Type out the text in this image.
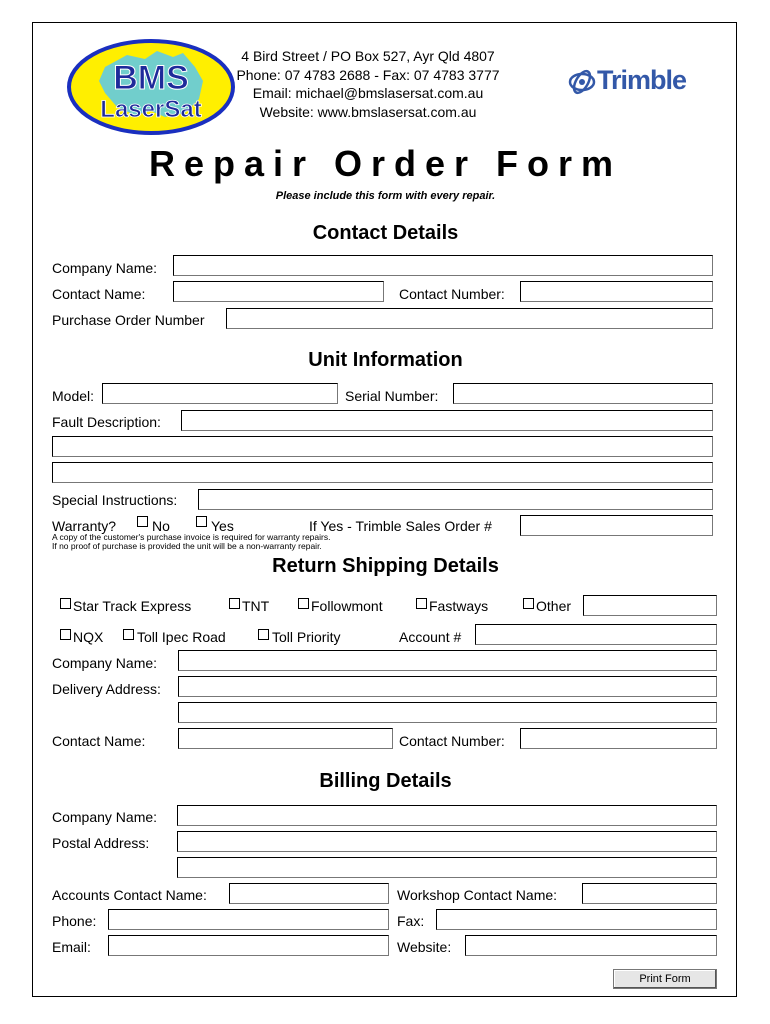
BMS
LaserSat
4 Bird Street / PO Box 527, Ayr Qld 4807
Phone: 07 4783 2688 - Fax: 07 4783 3777
Email: michael@bmslasersat.com.au
Website: www.bmslasersat.com.au
Trimble
Repair Order Form
Please include this form with every repair.
Contact Details
Company Name:
Contact Name:	Contact Number:
Purchase Order Number
Unit Information
Model:	Serial Number:
Fault Description:
Special Instructions:
Warranty?	No	Yes	If Yes - Trimble Sales Order #
A copy of the customer's purchase invoice is required for warranty repairs.
If no proof of purchase is provided the unit will be a non-warranty repair.
Return Shipping Details
Star Track Express	TNT	Followmont	Fastways	Other
NQX Toll Ipec Road	Toll Priority	Account #
Company Name:
Delivery Address:
Contact Name:	Contact Number:
Billing Details
Company Name:
Postal Address:
Accounts Contact Name:	Workshop Contact Name:
Phone:	Fax:
Email:	Website:
Print Form
